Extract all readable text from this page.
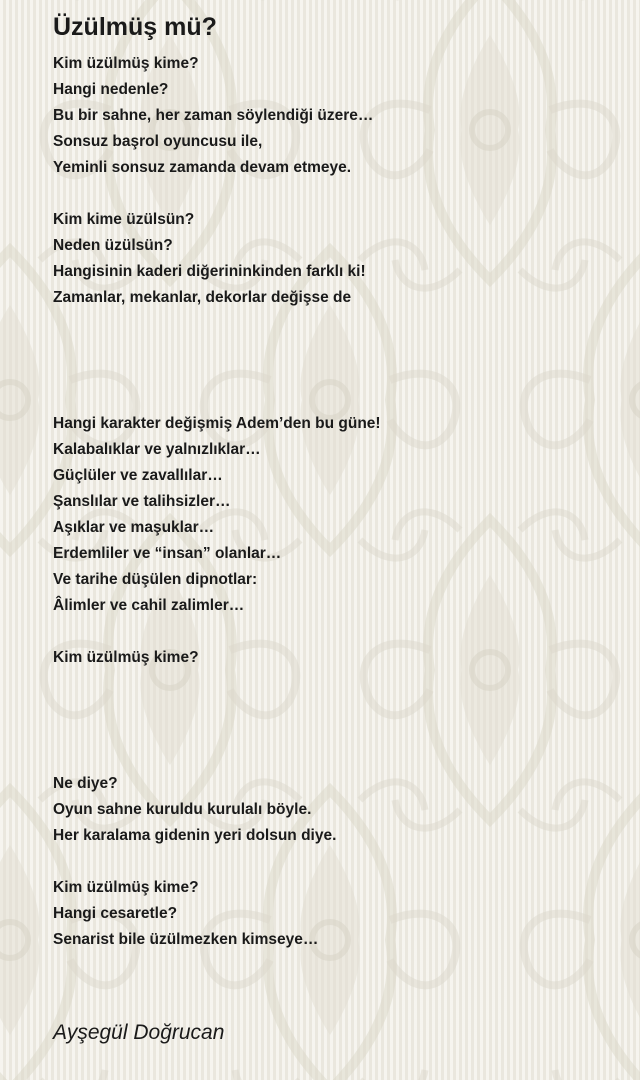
Üzülmüş mü?
Kim üzülmüş kime?
Hangi nedenle?
Bu bir sahne, her zaman söylendiği üzere…
Sonsuz başrol oyuncusu ile,
Yeminli sonsuz zamanda devam etmeye.
Kim kime üzülsün?
Neden üzülsün?
Hangisinin kaderi diğerininkinden farklı ki!
Zamanlar, mekanlar, dekorlar değişse de
Hangi karakter değişmiş Adem’den bu güne!
Kalabalıklar ve yalnızlıklar…
Güçlüler ve zavallılar…
Şanslılar ve talihsizler…
Aşıklar ve maşuklar…
Erdemliler ve “insan” olanlar…
Ve tarihe düşülen dipnotlar:
Âlimler ve cahil zalimler…
Kim üzülmüş kime?
Ne diye?
Oyun sahne kuruldu kurulalı böyle.
Her karalama gidenin yeri dolsun diye.
Kim üzülmüş kime?
Hangi cesaretle?
Senarist bile üzülmezken kimseye…
Ayşegül Doğrucan
